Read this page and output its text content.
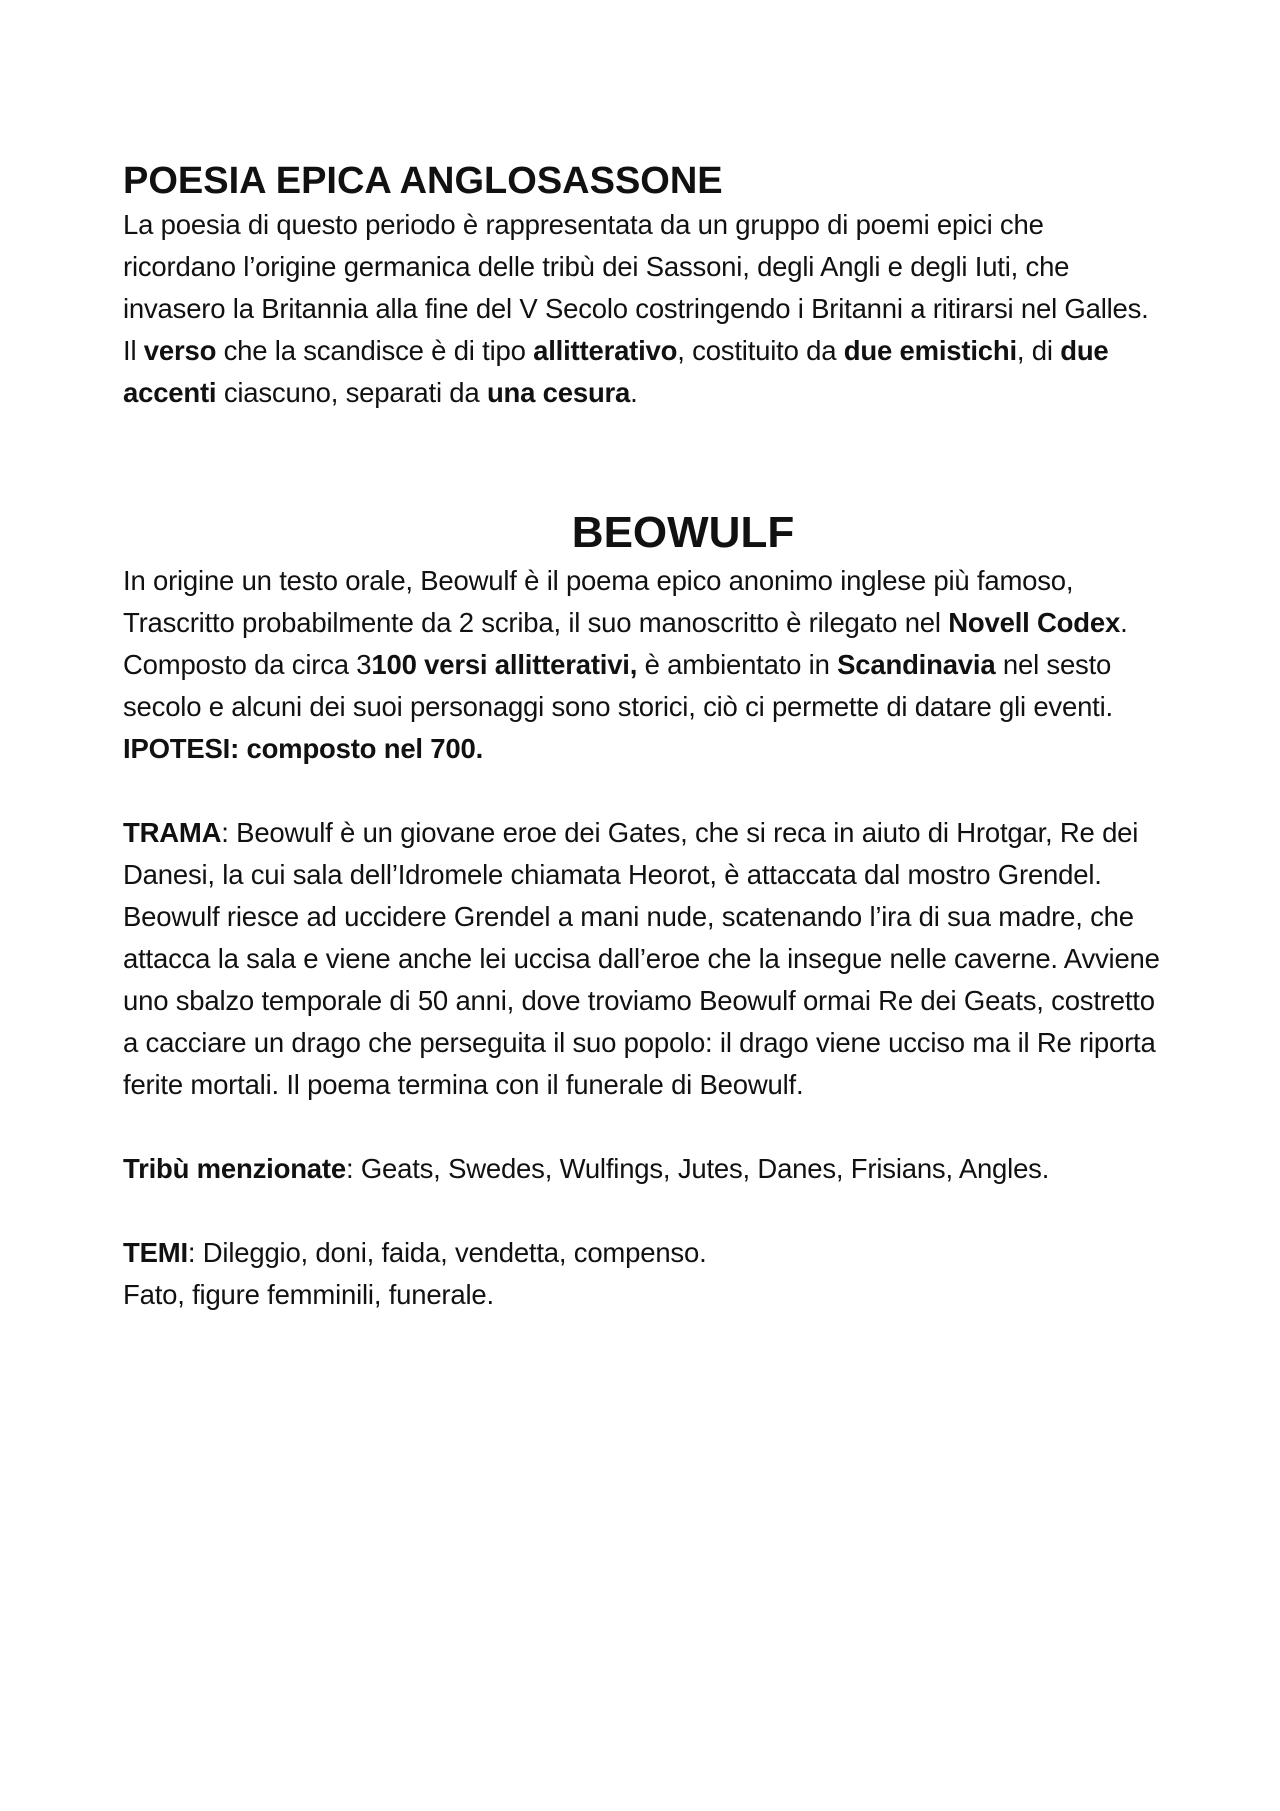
POESIA EPICA ANGLOSASSONE

La poesia di questo periodo è rappresentata da un gruppo di poemi epici che ricordano l’origine germanica delle tribù dei Sassoni, degli Angli e degli Iuti, che invasero la Britannia alla fine del V Secolo costringendo i Britanni a ritirarsi nel Galles. Il verso che la scandisce è di tipo allitterativo, costituito da due emistichi, di due accenti ciascuno, separati da una cesura.

BEOWULF

In origine un testo orale, Beowulf è il poema epico anonimo inglese più famoso, Trascritto probabilmente da 2 scriba, il suo manoscritto è rilegato nel Novell Codex. Composto da circa 3100 versi allitterativi, è ambientato in Scandinavia nel sesto secolo e alcuni dei suoi personaggi sono storici, ciò ci permette di datare gli eventi.

IPOTESI: composto nel 700.

TRAMA: Beowulf è un giovane eroe dei Gates, che si reca in aiuto di Hrotgar, Re dei Danesi, la cui sala dell’Idromele chiamata Heorot, è attaccata dal mostro Grendel. Beowulf riesce ad uccidere Grendel a mani nude, scatenando l’ira di sua madre, che attacca la sala e viene anche lei uccisa dall’eroe che la insegue nelle caverne. Avviene uno sbalzo temporale di 50 anni, dove troviamo Beowulf ormai Re dei Geats, costretto a cacciare un drago che perseguita il suo popolo: il drago viene ucciso ma il Re riporta ferite mortali. Il poema termina con il funerale di Beowulf.

Tribù menzionate: Geats, Swedes, Wulfings, Jutes, Danes, Frisians, Angles.

TEMI: Dileggio, doni, faida, vendetta, compenso.

Fato, figure femminili, funerale.
